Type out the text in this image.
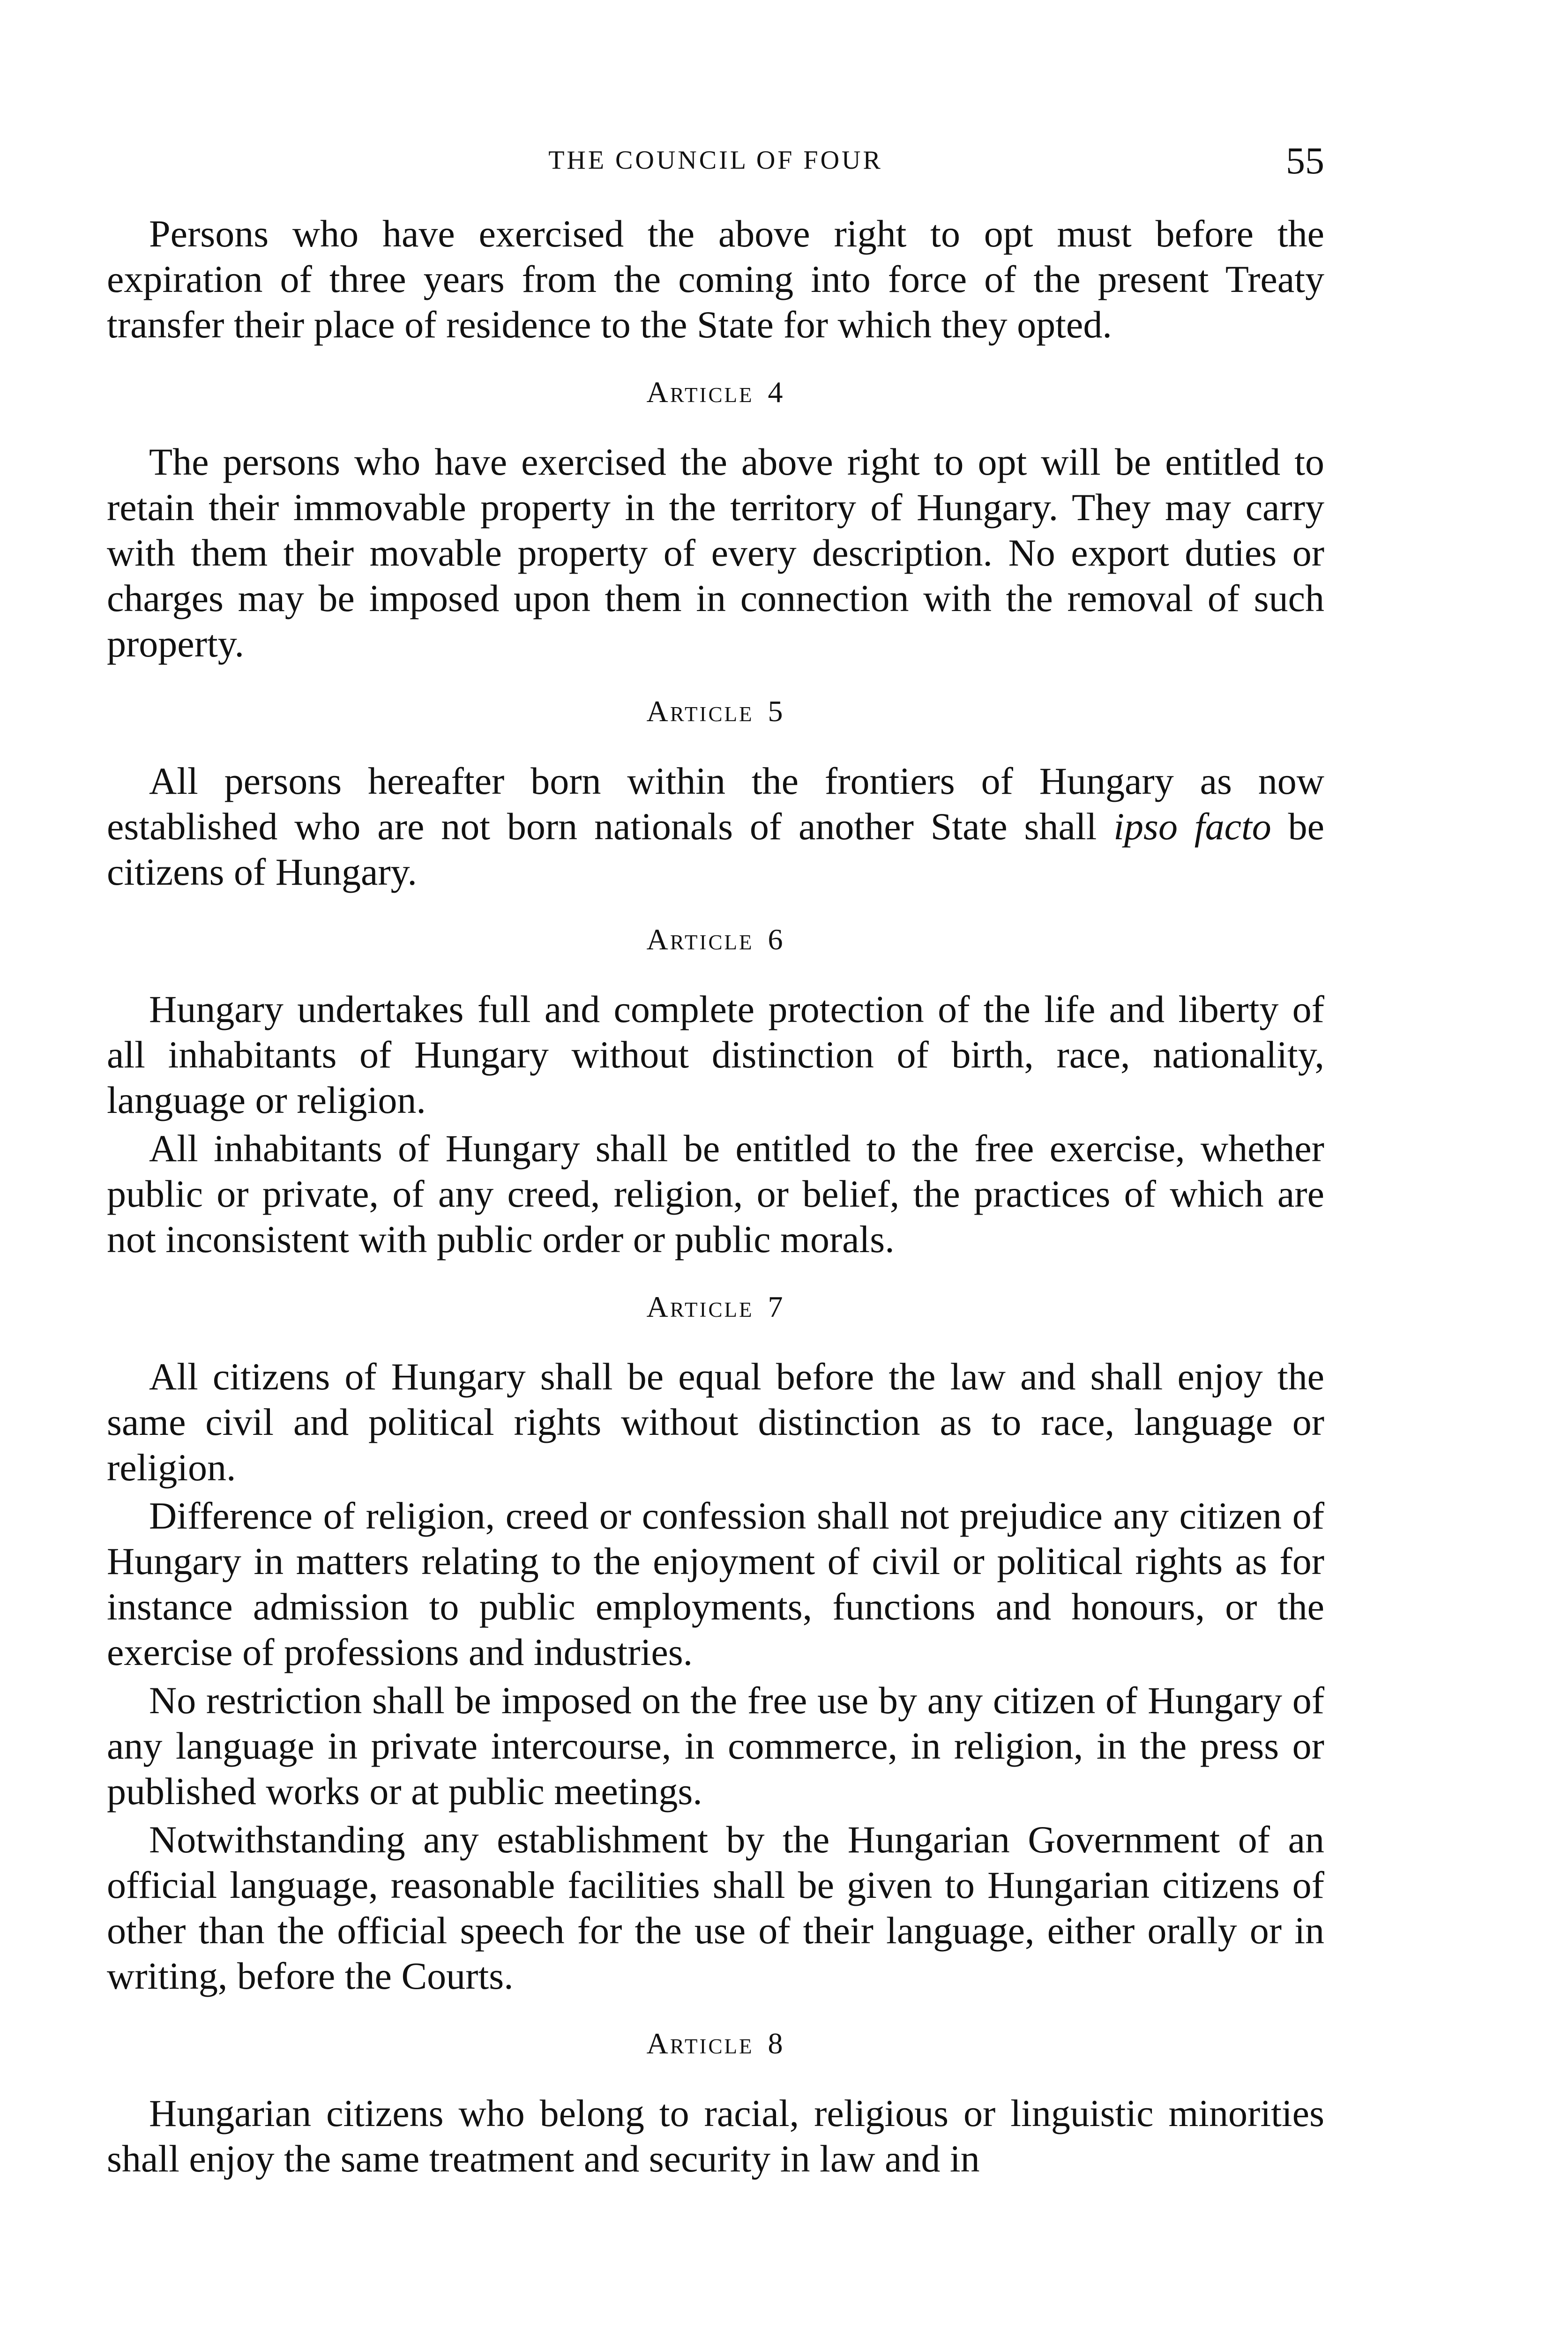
THE COUNCIL OF FOUR	55

Persons who have exercised the above right to opt must before the expiration of three years from the coming into force of the present Treaty transfer their place of residence to the State for which they opted.

Article 4

The persons who have exercised the above right to opt will be entitled to retain their immovable property in the territory of Hungary. They may carry with them their movable property of every description. No export duties or charges may be imposed upon them in connection with the removal of such property.

Article 5

All persons hereafter born within the frontiers of Hungary as now established who are not born nationals of another State shall ipso facto be citizens of Hungary.

Article 6

Hungary undertakes full and complete protection of the life and liberty of all inhabitants of Hungary without distinction of birth, race, nationality, language or religion.

All inhabitants of Hungary shall be entitled to the free exercise, whether public or private, of any creed, religion, or belief, the practices of which are not inconsistent with public order or public morals.

Article 7

All citizens of Hungary shall be equal before the law and shall enjoy the same civil and political rights without distinction as to race, language or religion.

Difference of religion, creed or confession shall not prejudice any citizen of Hungary in matters relating to the enjoyment of civil or political rights as for instance admission to public employments, functions and honours, or the exercise of professions and industries.

No restriction shall be imposed on the free use by any citizen of Hungary of any language in private intercourse, in commerce, in religion, in the press or published works or at public meetings.

Notwithstanding any establishment by the Hungarian Government of an official language, reasonable facilities shall be given to Hungarian citizens of other than the official speech for the use of their language, either orally or in writing, before the Courts.

Article 8

Hungarian citizens who belong to racial, religious or linguistic minorities shall enjoy the same treatment and security in law and in
